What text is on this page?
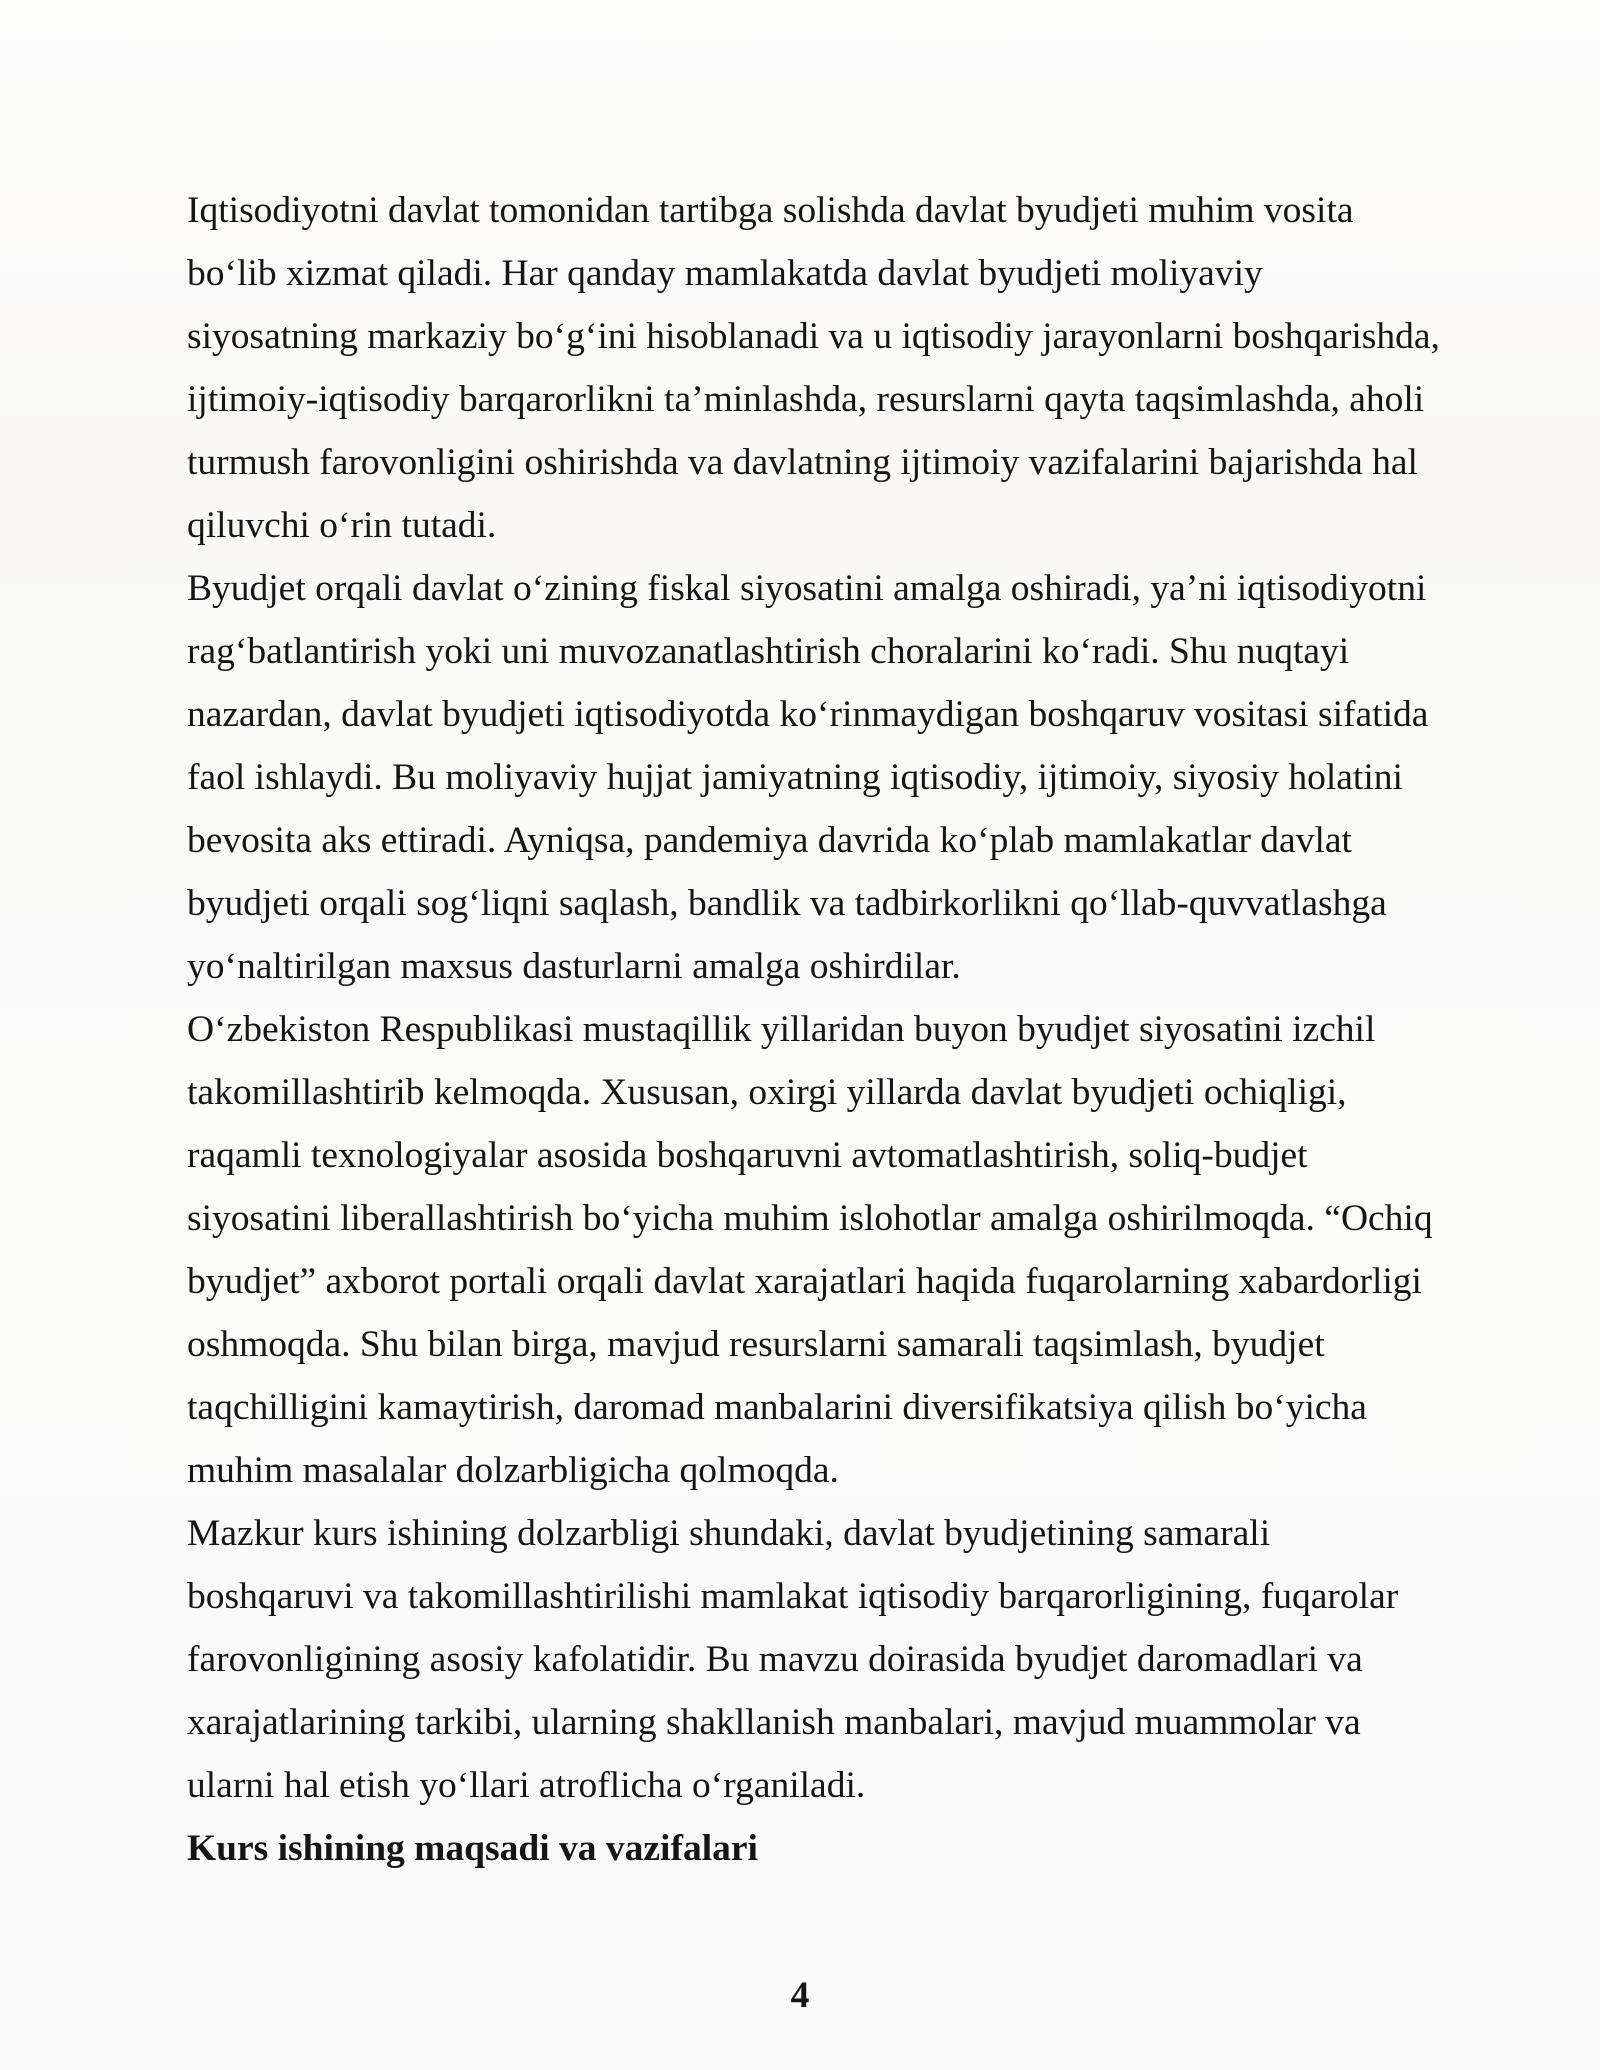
Iqtisodiyotni davlat tomonidan tartibga solishda davlat byudjeti muhim vosita
bo‘lib xizmat qiladi. Har qanday mamlakatda davlat byudjeti moliyaviy
siyosatning markaziy bo‘g‘ini hisoblanadi va u iqtisodiy jarayonlarni boshqarishda,
ijtimoiy-iqtisodiy barqarorlikni ta’minlashda, resurslarni qayta taqsimlashda, aholi
turmush farovonligini oshirishda va davlatning ijtimoiy vazifalarini bajarishda hal
qiluvchi o‘rin tutadi.
Byudjet orqali davlat o‘zining fiskal siyosatini amalga oshiradi, ya’ni iqtisodiyotni
rag‘batlantirish yoki uni muvozanatlashtirish choralarini ko‘radi. Shu nuqtayi
nazardan, davlat byudjeti iqtisodiyotda ko‘rinmaydigan boshqaruv vositasi sifatida
faol ishlaydi. Bu moliyaviy hujjat jamiyatning iqtisodiy, ijtimoiy, siyosiy holatini
bevosita aks ettiradi. Ayniqsa, pandemiya davrida ko‘plab mamlakatlar davlat
byudjeti orqali sog‘liqni saqlash, bandlik va tadbirkorlikni qo‘llab-quvvatlashga
yo‘naltirilgan maxsus dasturlarni amalga oshirdilar.
O‘zbekiston Respublikasi mustaqillik yillaridan buyon byudjet siyosatini izchil
takomillashtirib kelmoqda. Xususan, oxirgi yillarda davlat byudjeti ochiqligi,
raqamli texnologiyalar asosida boshqaruvni avtomatlashtirish, soliq-budjet
siyosatini liberallashtirish bo‘yicha muhim islohotlar amalga oshirilmoqda. “Ochiq
byudjet” axborot portali orqali davlat xarajatlari haqida fuqarolarning xabardorligi
oshmoqda. Shu bilan birga, mavjud resurslarni samarali taqsimlash, byudjet
taqchilligini kamaytirish, daromad manbalarini diversifikatsiya qilish bo‘yicha
muhim masalalar dolzarbligicha qolmoqda.
Mazkur kurs ishining dolzarbligi shundaki, davlat byudjetining samarali
boshqaruvi va takomillashtirilishi mamlakat iqtisodiy barqarorligining, fuqarolar
farovonligining asosiy kafolatidir. Bu mavzu doirasida byudjet daromadlari va
xarajatlarining tarkibi, ularning shakllanish manbalari, mavjud muammolar va
ularni hal etish yo‘llari atroflicha o‘rganiladi.
Kurs ishining maqsadi va vazifalari
4
